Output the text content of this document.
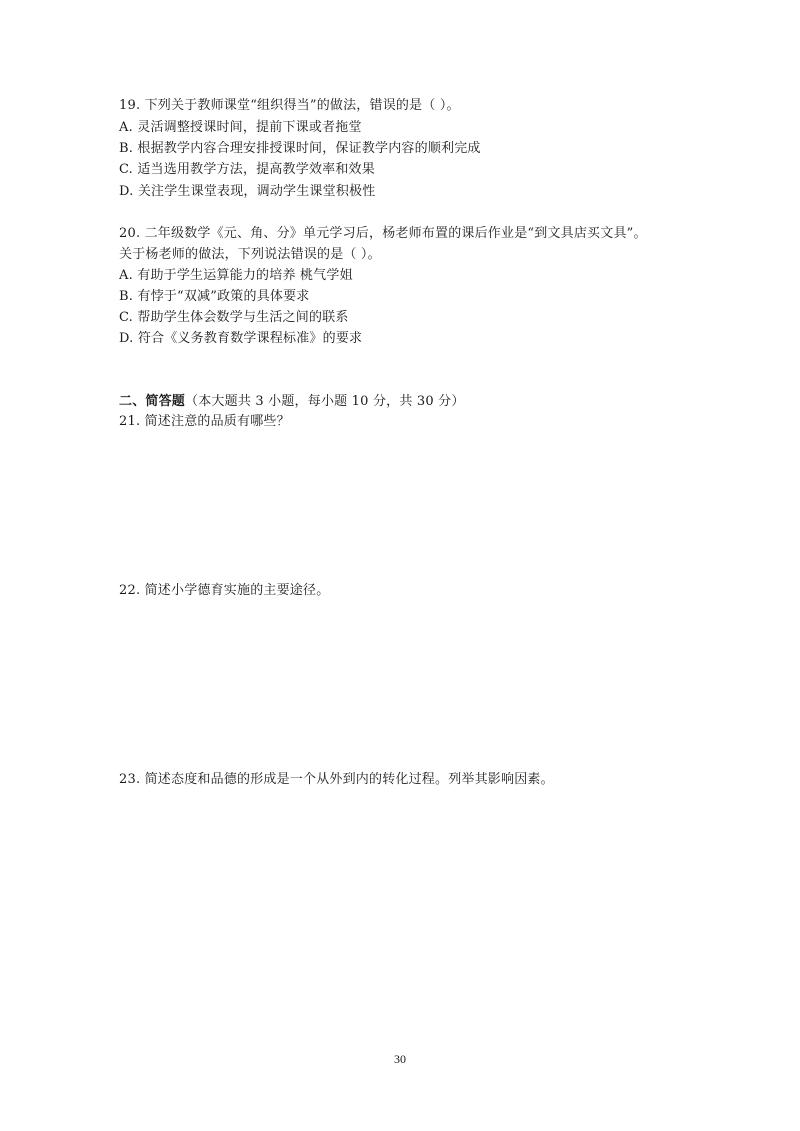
19. 下列关于教师课堂“组织得当”的做法，错误的是（ ）。
A. 灵活调整授课时间，提前下课或者拖堂
B. 根据教学内容合理安排授课时间，保证教学内容的顺利完成
C. 适当选用教学方法，提高教学效率和效果
D. 关注学生课堂表现，调动学生课堂积极性
20. 二年级数学《元、角、分》单元学习后，杨老师布置的课后作业是“到文具店买文具”。
关于杨老师的做法，下列说法错误的是（ ）。
A. 有助于学生运算能力的培养 桃气学姐
B. 有悖于“双减”政策的具体要求
C. 帮助学生体会数学与生活之间的联系
D. 符合《义务教育数学课程标准》的要求
二、简答题（本大题共 3 小题，每小题 10 分，共 30 分）
21. 简述注意的品质有哪些？
22. 简述小学德育实施的主要途径。
23. 简述态度和品德的形成是一个从外到内的转化过程。列举其影响因素。
30
